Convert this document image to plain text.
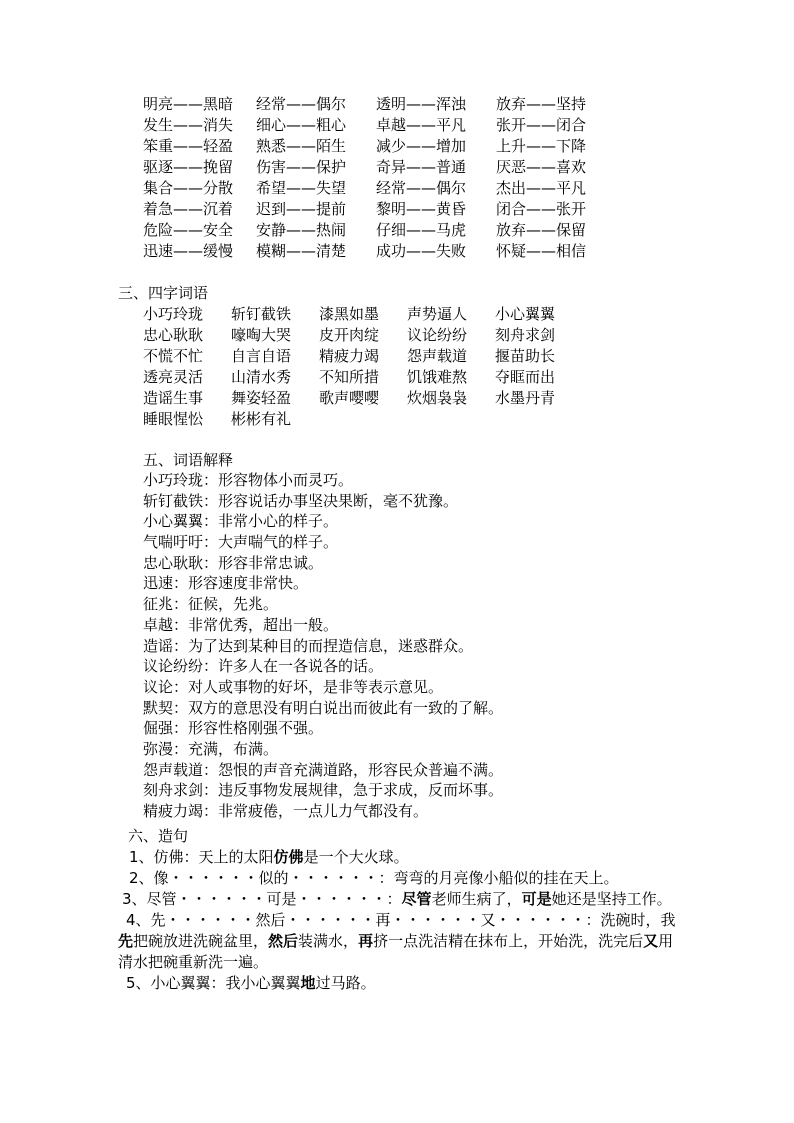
明亮——黑暗	经常——偶尔	透明——浑浊	放弃——坚持
发生——消失	细心——粗心	卓越——平凡	张开——闭合
笨重——轻盈	熟悉——陌生	减少——增加	上升——下降
驱逐——挽留	伤害——保护	奇异——普通	厌恶——喜欢
集合——分散	希望——失望	经常——偶尔	杰出——平凡
着急——沉着	迟到——提前	黎明——黄昏	闭合——张开
危险——安全	安静——热闹	仔细——马虎	放弃——保留
迅速——缓慢	模糊——清楚	成功——失败	怀疑——相信
三、四字词语
小巧玲珑	斩钉截铁	漆黑如墨	声势逼人	小心翼翼
忠心耿耿	嚎啕大哭	皮开肉绽	议论纷纷	刻舟求剑
不慌不忙	自言自语	精疲力竭	怨声载道	揠苗助长
透亮灵活	山清水秀	不知所措	饥饿难熬	夺眶而出
造谣生事	舞姿轻盈	歌声嘤嘤	炊烟袅袅	水墨丹青
睡眼惺忪	彬彬有礼			
五、词语解释
小巧玲珑：形容物体小而灵巧。
斩钉截铁：形容说话办事坚决果断，毫不犹豫。
小心翼翼：非常小心的样子。
气喘吁吁：大声喘气的样子。
忠心耿耿：形容非常忠诚。
迅速：形容速度非常快。
征兆：征候，先兆。
卓越：非常优秀，超出一般。
造谣：为了达到某种目的而捏造信息，迷惑群众。
议论纷纷：许多人在一各说各的话。
议论：对人或事物的好坏，是非等表示意见。
默契：双方的意思没有明白说出而彼此有一致的了解。
倔强：形容性格刚强不强。
弥漫：充满，布满。
怨声载道：怨恨的声音充满道路，形容民众普遍不满。
刻舟求剑：违反事物发展规律，急于求成，反而坏事。
精疲力竭：非常疲倦，一点儿力气都没有。
六、造句
1、仿佛：天上的太阳仿佛是一个大火球。
2、像・・・・・・似的・・・・・・：弯弯的月亮像小船似的挂在天上。
3、尽管・・・・・・可是・・・・・・：尽管老师生病了，可是她还是坚持工作。
4、先・・・・・・然后・・・・・・再・・・・・・又・・・・・・：洗碗时，我先把碗放进洗碗盆里，然后装满水，再挤一点洗洁精在抹布上，开始洗，洗完后又用清水把碗重新洗一遍。
5、小心翼翼：我小心翼翼地过马路。
